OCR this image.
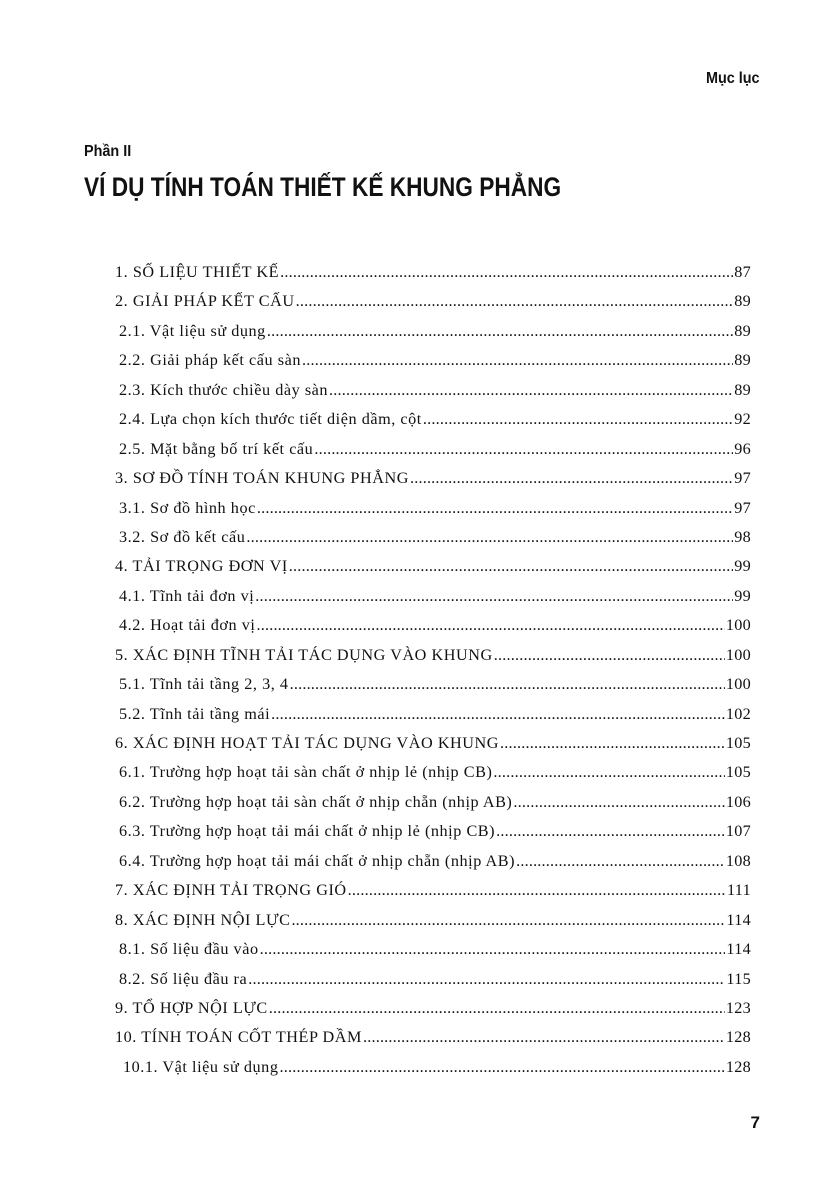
Mục lục
Phần II
VÍ DỤ TÍNH TOÁN THIẾT KẾ KHUNG PHẲNG
1. SỐ LIỆU THIẾT KẾ .....	87
2. GIẢI PHÁP KẾT CẤU .....	89
2.1. Vật liệu sử dụng .....	89
2.2. Giải pháp kết cấu sàn .....	89
2.3. Kích thước chiều dày sàn .....	89
2.4. Lựa chọn kích thước tiết diện dầm, cột .....	92
2.5. Mặt bằng bố trí kết cấu .....	96
3. SƠ ĐỒ TÍNH TOÁN KHUNG PHẲNG .....	97
3.1. Sơ đồ hình học .....	97
3.2. Sơ đồ kết cấu .....	98
4. TẢI TRỌNG ĐƠN VỊ .....	99
4.1. Tĩnh tải đơn vị .....	99
4.2. Hoạt tải đơn vị .....	100
5. XÁC ĐỊNH TĨNH TẢI TÁC DỤNG VÀO KHUNG .....	100
5.1. Tĩnh tải tầng 2, 3, 4 .....	100
5.2. Tĩnh tải tầng mái .....	102
6. XÁC ĐỊNH HOẠT TẢI TÁC DỤNG VÀO KHUNG .....	105
6.1. Trường hợp hoạt tải sàn chất ở nhịp lẻ (nhịp CB) .....	105
6.2. Trường hợp hoạt tải sàn chất ở nhịp chẵn (nhịp AB) .....	106
6.3. Trường hợp hoạt tải mái chất ở nhịp lẻ (nhịp CB) .....	107
6.4. Trường hợp hoạt tải mái chất ở nhịp chẵn (nhịp AB) .....	108
7. XÁC ĐỊNH TẢI TRỌNG GIÓ .....	111
8. XÁC ĐỊNH NỘI LỰC .....	114
8.1. Số liệu đầu vào .....	114
8.2. Số liệu đầu ra .....	115
9. TỔ HỢP NỘI LỰC .....	123
10. TÍNH TOÁN CỐT THÉP DẦM .....	128
10.1. Vật liệu sử dụng .....	128
7
